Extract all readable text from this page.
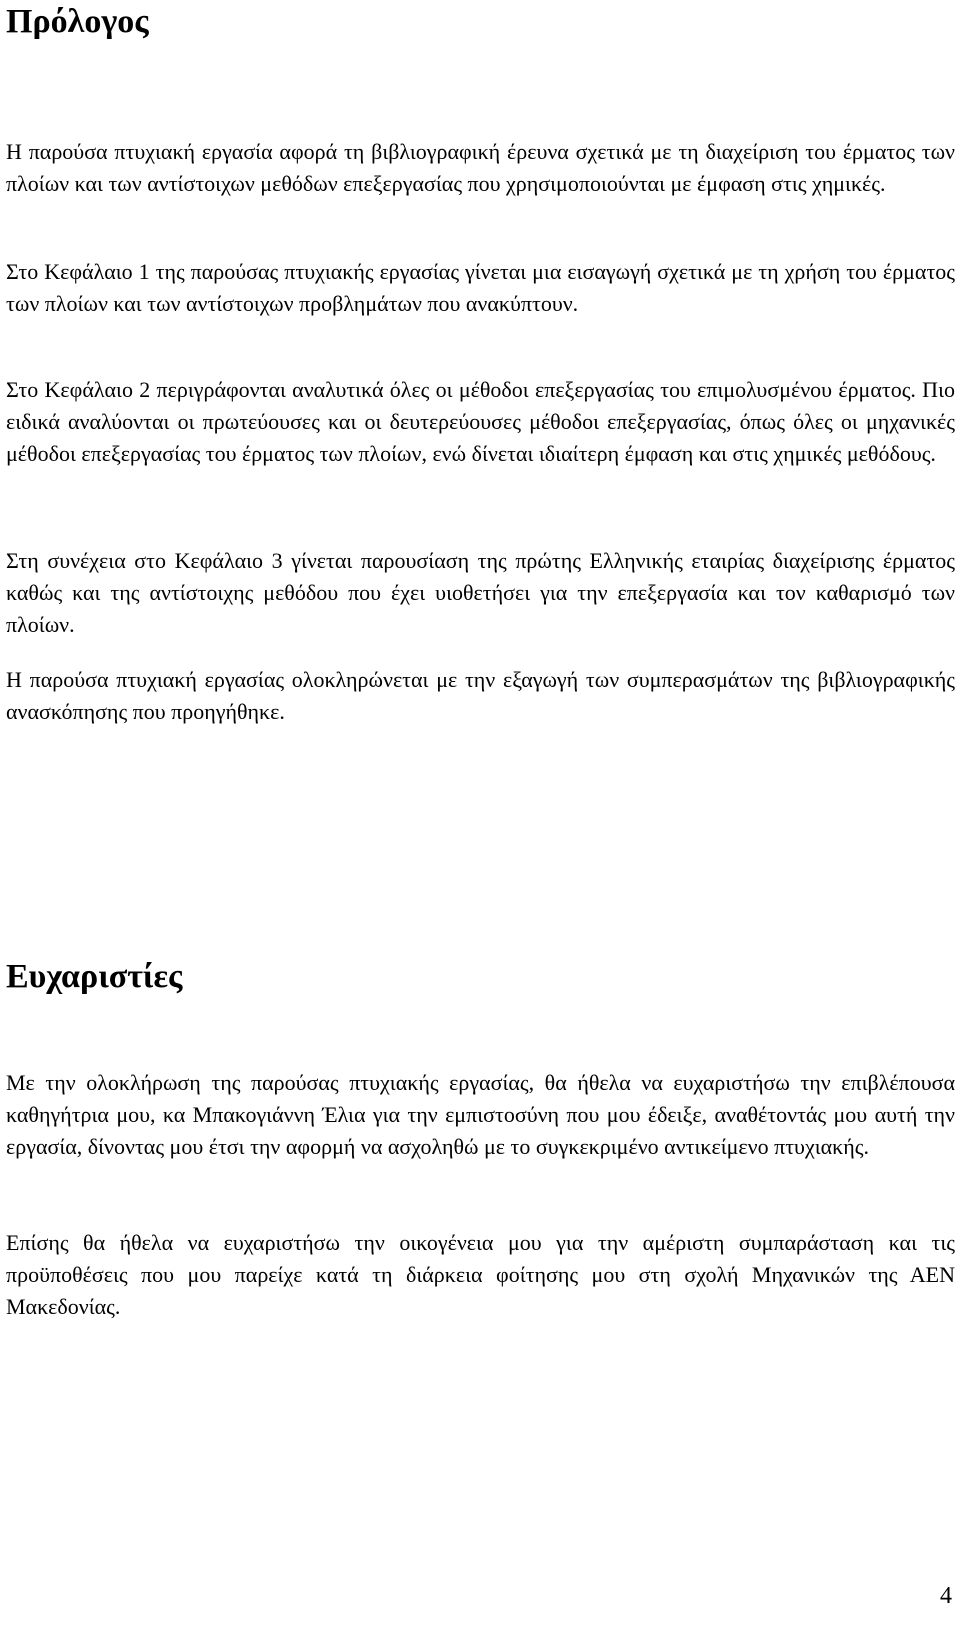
Πρόλογος

Η παρούσα πτυχιακή εργασία αφορά τη βιβλιογραφική έρευνα σχετικά με τη διαχείριση του έρματος των πλοίων και των αντίστοιχων μεθόδων επεξεργασίας που χρησιμοποιούνται με έμφαση στις χημικές.

Στο Κεφάλαιο 1 της παρούσας πτυχιακής εργασίας γίνεται μια εισαγωγή σχετικά με τη χρήση του έρματος των πλοίων και των αντίστοιχων προβλημάτων που ανακύπτουν.

Στο Κεφάλαιο 2 περιγράφονται αναλυτικά όλες οι μέθοδοι επεξεργασίας του επιμολυσμένου έρματος. Πιο ειδικά αναλύονται οι πρωτεύουσες και οι δευτερεύουσες μέθοδοι επεξεργασίας, όπως όλες οι μηχανικές μέθοδοι επεξεργασίας του έρματος των πλοίων, ενώ δίνεται ιδιαίτερη έμφαση και στις χημικές μεθόδους.

Στη συνέχεια στο Κεφάλαιο 3 γίνεται παρουσίαση της πρώτης Ελληνικής εταιρίας διαχείρισης έρματος καθώς και της αντίστοιχης μεθόδου που έχει υιοθετήσει για την επεξεργασία και τον καθαρισμό των πλοίων.

Η παρούσα πτυχιακή εργασίας ολοκληρώνεται με την εξαγωγή των συμπερασμάτων της βιβλιογραφικής ανασκόπησης που προηγήθηκε.

Ευχαριστίες

Με την ολοκλήρωση της παρούσας πτυχιακής εργασίας, θα ήθελα να ευχαριστήσω την επιβλέπουσα καθηγήτρια μου, κα Μπακογιάννη Έλια για την εμπιστοσύνη που μου έδειξε, αναθέτοντάς μου αυτή την εργασία, δίνοντας μου έτσι την αφορμή να ασχοληθώ με το συγκεκριμένο αντικείμενο πτυχιακής.

Επίσης θα ήθελα να ευχαριστήσω την οικογένεια μου για την αμέριστη συμπαράσταση και τις προϋποθέσεις που μου παρείχε κατά τη διάρκεια φοίτησης μου στη σχολή Μηχανικών της ΑΕΝ Μακεδονίας.

4
